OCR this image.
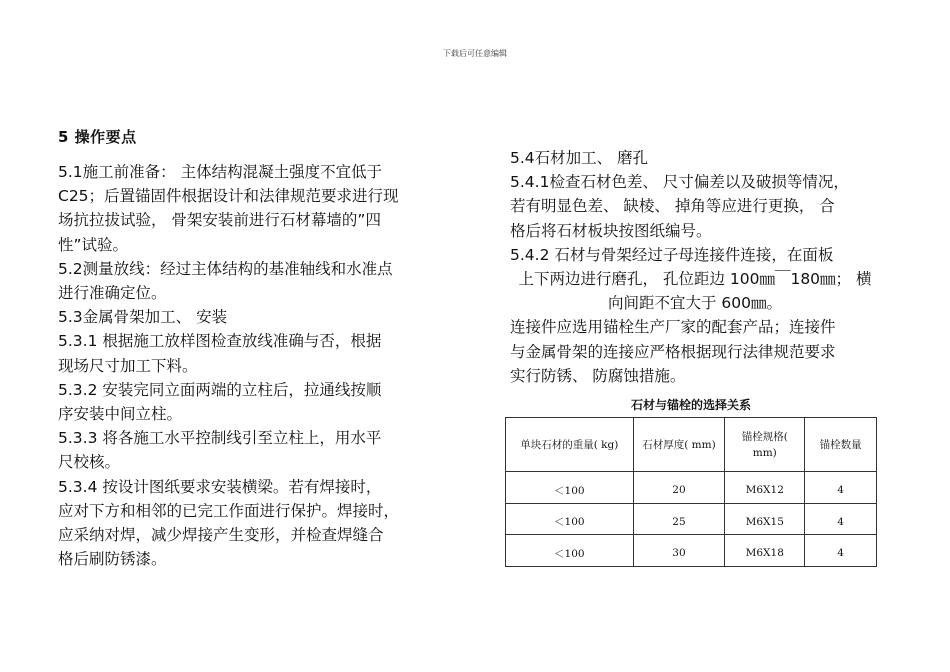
下载后可任意编辑
5 操作要点

5.1施工前准备： 主体结构混凝土强度不宜低于

C25；后置锚固件根据设计和法律规范要求进行现

场抗拉拔试验， 骨架安装前进行石材幕墙的”四

性”试验。

5.2测量放线：经过主体结构的基准轴线和水准点

进行准确定位。

5.3金属骨架加工、 安装

5.3.1 根据施工放样图检查放线准确与否，根据

现场尺寸加工下料。

5.3.2 安装完同立面两端的立柱后，拉通线按顺

序安装中间立柱。

5.3.3 将各施工水平控制线引至立柱上，用水平

尺校核。

5.3.4 按设计图纸要求安装横梁。若有焊接时，

应对下方和相邻的已完工作面进行保护。焊接时，

应采纳对焊，减少焊接产生变形，并检查焊缝合

格后刷防锈漆。

5.4石材加工、 磨孔

5.4.1检查石材色差、 尺寸偏差以及破损等情况，

若有明显色差、 缺棱、 掉角等应进行更换， 合

格后将石材板块按图纸编号。

5.4.2 石材与骨架经过子母连接件连接，在面板

上下两边进行磨孔， 孔位距边 100㎜￣180㎜； 横

向间距不宜大于 600㎜。

连接件应选用锚栓生产厂家的配套产品；连接件

与金属骨架的连接应严格根据现行法律规范要求

实行防锈、 防腐蚀措施。

石材与锚栓的选择关系
单块石材的重量( kg)	石材厚度( mm)	锚栓规格(
mm)	锚栓数量
＜100	20	M6X12	4
＜100	25	M6X15	4
＜100	30	M6X18	4
